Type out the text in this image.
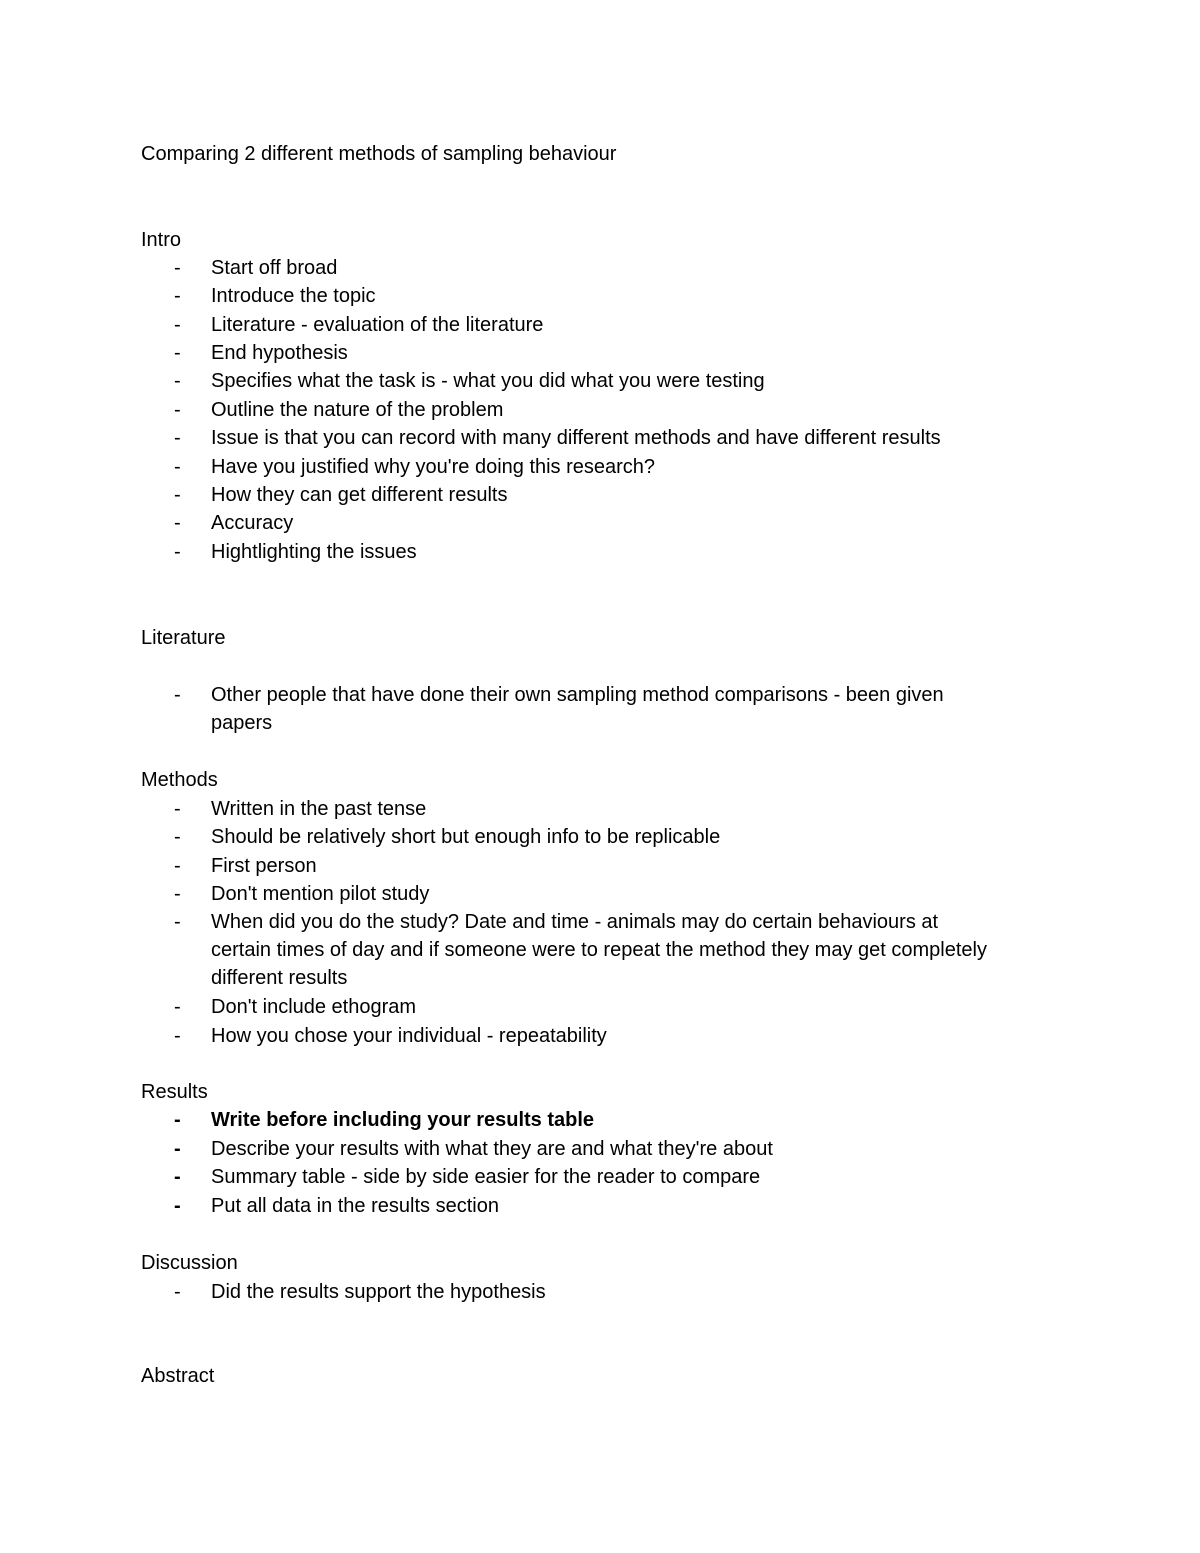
Comparing 2 different methods of sampling behaviour
Intro
- Start off broad
- Introduce the topic
- Literature - evaluation of the literature
- End hypothesis
- Specifies what the task is - what you did what you were testing
- Outline the nature of the problem
- Issue is that you can record with many different methods and have different results
- Have you justified why you're doing this research?
- How they can get different results
- Accuracy
- Hightlighting the issues
Literature
- Other people that have done their own sampling method comparisons - been given
papers
Methods
- Written in the past tense
- Should be relatively short but enough info to be replicable
- First person
- Don't mention pilot study
- When did you do the study? Date and time - animals may do certain behaviours at
certain times of day and if someone were to repeat the method they may get completely
different results
- Don't include ethogram
- How you chose your individual - repeatability
Results
- Write before including your results table
- Describe your results with what they are and what they're about
- Summary table - side by side easier for the reader to compare
- Put all data in the results section
Discussion
- Did the results support the hypothesis
Abstract
